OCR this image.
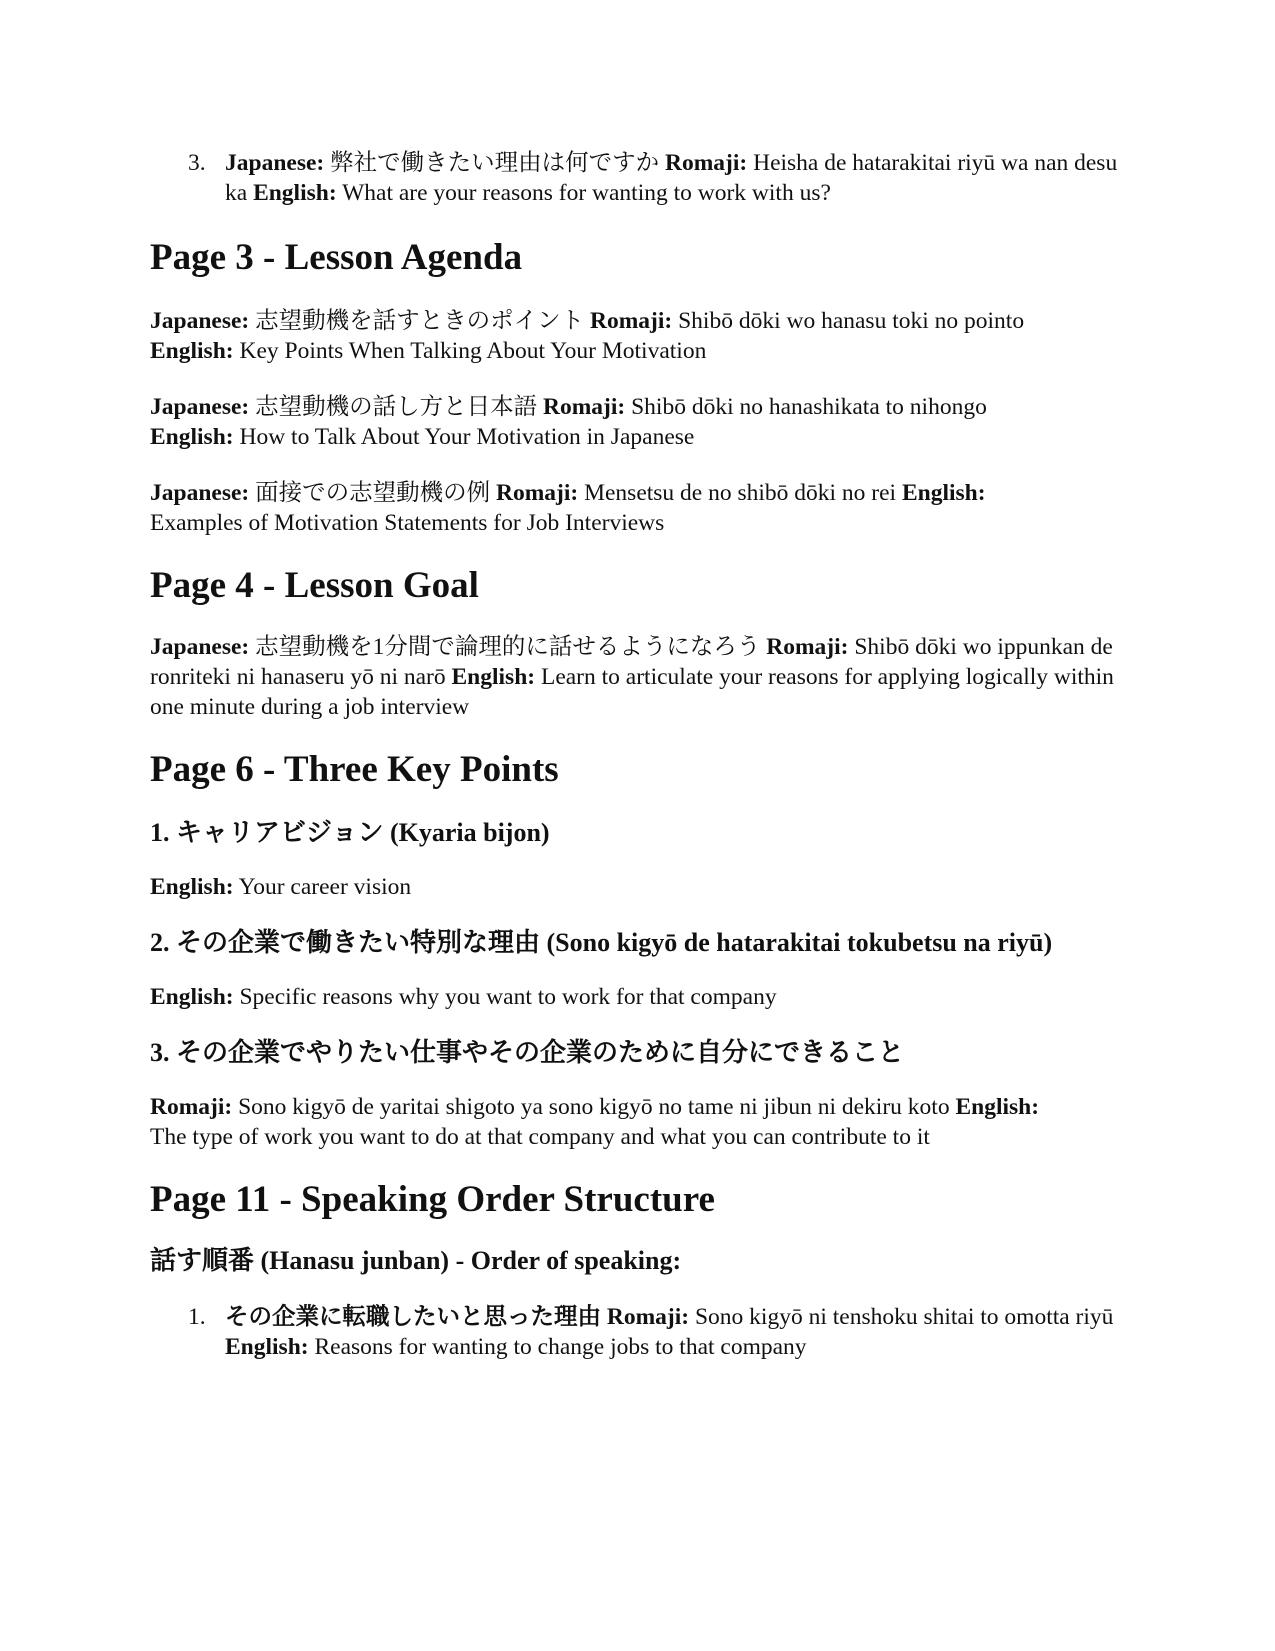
3. Japanese: 弊社で働きたい理由は何ですか Romaji: Heisha de hatarakitai riyū wa nan desu ka English: What are your reasons for wanting to work with us?
Page 3 - Lesson Agenda

Japanese: 志望動機を話すときのポイント Romaji: Shibō dōki wo hanasu toki no pointo
English: Key Points When Talking About Your Motivation

Japanese: 志望動機の話し方と日本語 Romaji: Shibō dōki no hanashikata to nihongo
English: How to Talk About Your Motivation in Japanese

Japanese: 面接での志望動機の例 Romaji: Mensetsu de no shibō dōki no rei English:
Examples of Motivation Statements for Job Interviews

Page 4 - Lesson Goal

Japanese: 志望動機を1分間で論理的に話せるようになろう Romaji: Shibō dōki wo ippunkan de ronriteki ni hanaseru yō ni narō English: Learn to articulate your reasons for applying logically within one minute during a job interview

Page 6 - Three Key Points
1. キャリアビジョン (Kyaria bijon)

English: Your career vision

2. その企業で働きたい特別な理由 (Sono kigyō de hatarakitai tokubetsu na riyū)

English: Specific reasons why you want to work for that company

3. その企業でやりたい仕事やその企業のために自分にできること

Romaji: Sono kigyō de yaritai shigoto ya sono kigyō no tame ni jibun ni dekiru koto English:
The type of work you want to do at that company and what you can contribute to it

Page 11 - Speaking Order Structure
話す順番 (Hanasu junban) - Order of speaking:
1. その企業に転職したいと思った理由 Romaji: Sono kigyō ni tenshoku shitai to omotta riyū English: Reasons for wanting to change jobs to that company
